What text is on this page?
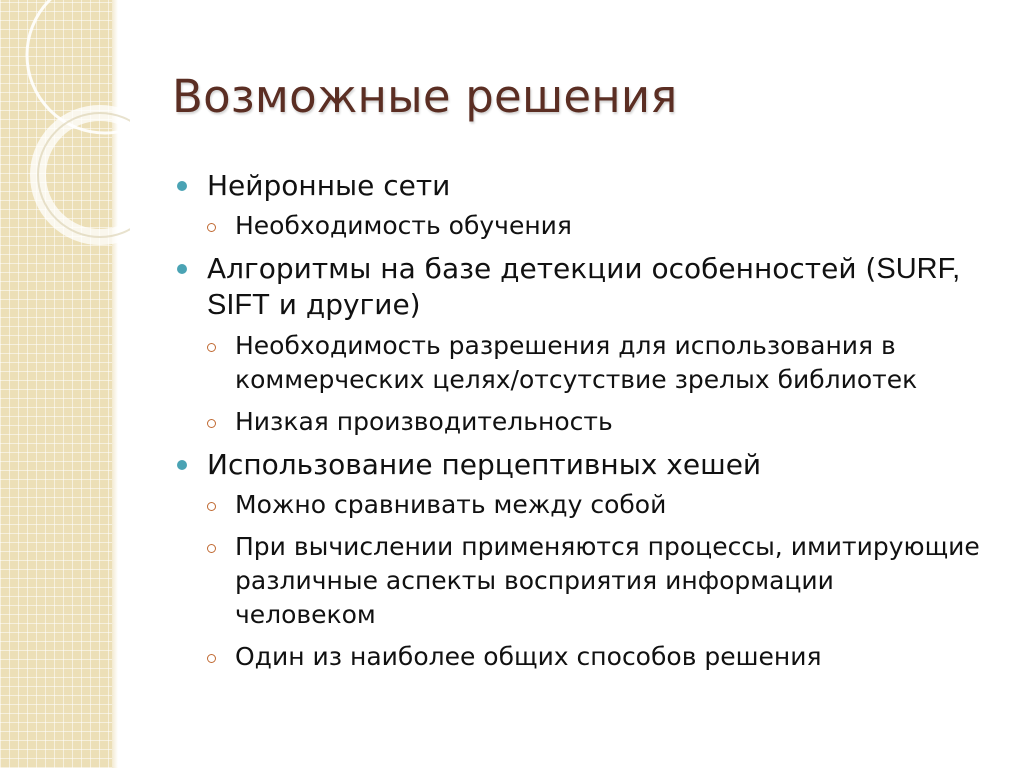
Возможные решения
Нейронные сети
Необходимость обучения
Алгоритмы на базе детекции особенностей (SURF, SIFT и другие)
Необходимость разрешения для использования в коммерческих целях/отсутствие зрелых библиотек
Низкая производительность
Использование перцептивных хешей
Можно сравнивать между собой
При вычислении применяются процессы, имитирующие различные аспекты восприятия информации человеком
Один из наиболее общих способов решения
